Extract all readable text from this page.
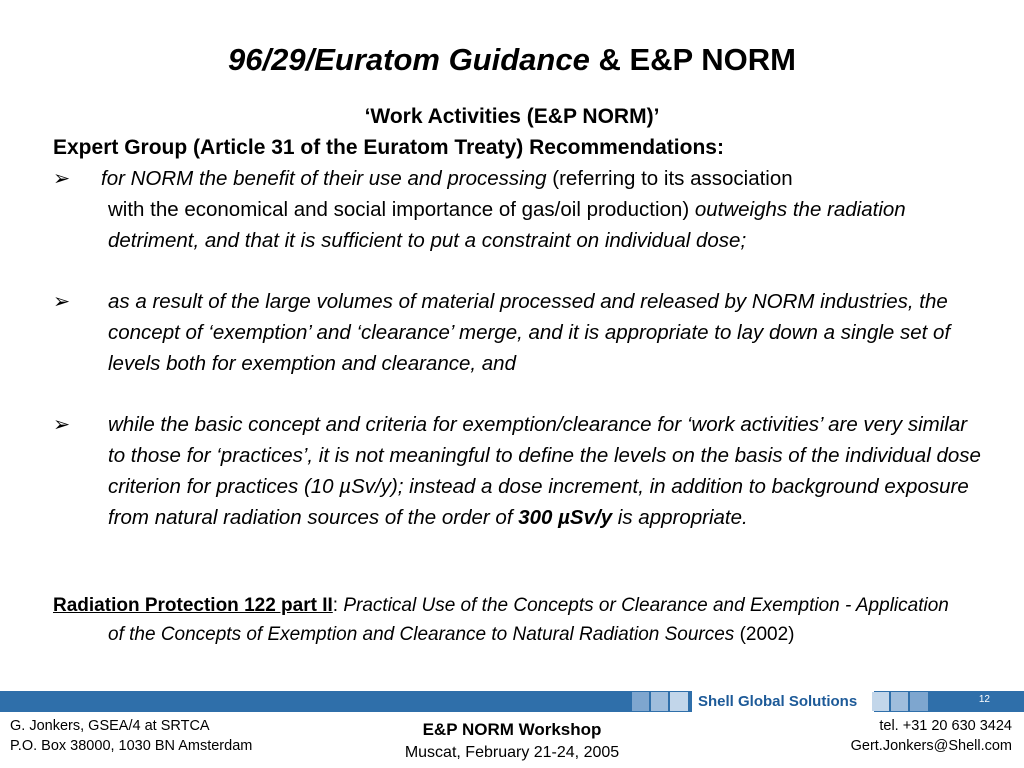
96/29/Euratom Guidance & E&P NORM
‘Work Activities (E&P NORM)’
Expert Group (Article 31 of the Euratom Treaty) Recommendations:
➢	for NORM the benefit of their use and processing (referring to its association
with the economical and social importance of gas/oil production) outweighs the radiation detriment, and that it is sufficient to put a constraint on individual dose;
➢	as a result of the large volumes of material processed and released by NORM industries, the concept of ‘exemption’ and ‘clearance’ merge, and it is appropriate to lay down a single set of levels both for exemption and clearance, and
➢	while the basic concept and criteria for exemption/clearance for ‘work activities’ are very similar to those for ‘practices’, it is not meaningful to define the levels on the basis of the individual dose criterion for practices (10 µSv/y); instead a dose increment, in addition to background exposure from natural radiation sources of the order of 300 µSv/y is appropriate.
Radiation Protection 122 part II: Practical Use of the Concepts or Clearance and Exemption - Application of the Concepts of Exemption and Clearance to Natural Radiation Sources (2002)
Shell Global Solutions	12
G. Jonkers, GSEA/4 at SRTCA
P.O. Box 38000, 1030 BN Amsterdam
E&P NORM Workshop
Muscat, February 21-24, 2005
tel. +31 20 630 3424
Gert.Jonkers@Shell.com
